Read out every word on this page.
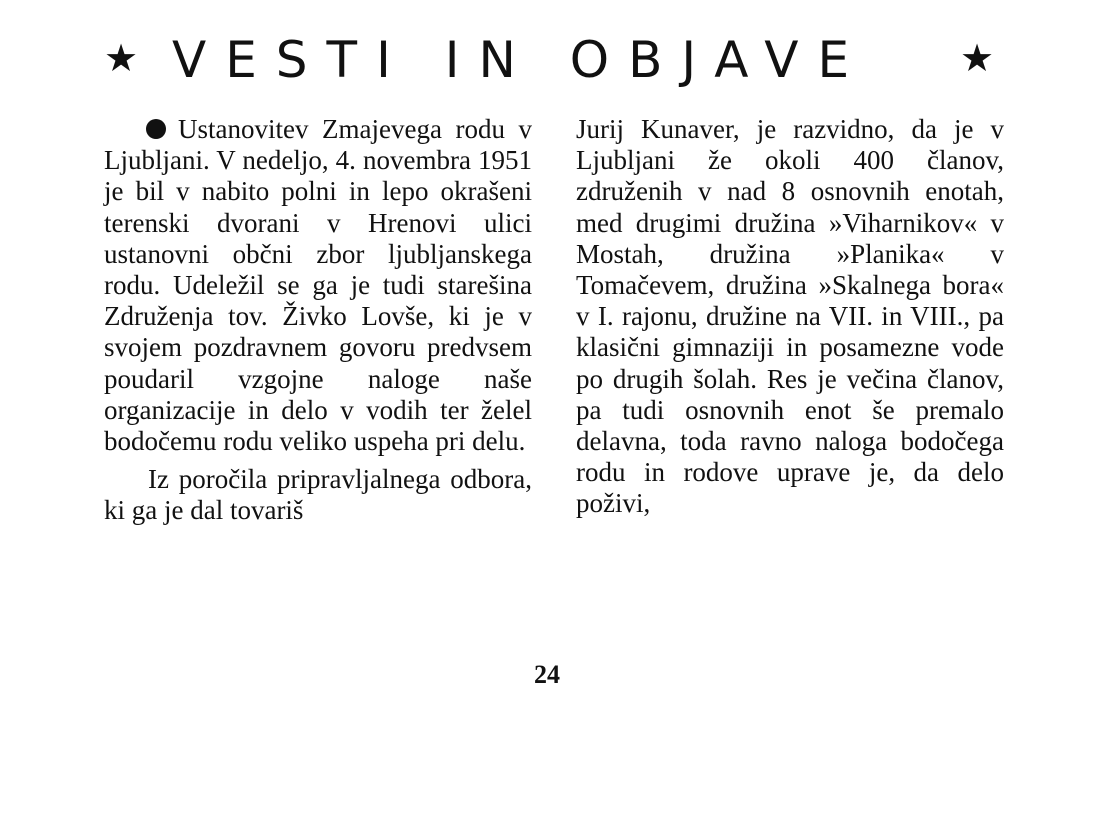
★ VESTI IN OBJAVE	★

Ustanovitev Zmajevega rodu v Ljubljani. V nedeljo, 4. novembra 1951 je bil v nabito polni in lepo okrašeni terenski dvorani v Hrenovi ulici ustanovni občni zbor ljubljanskega rodu. Udeležil se ga je tudi starešina Združenja tov. Živko Lovše, ki je v svojem pozdravnem govoru predvsem poudaril vzgojne naloge naše organizacije in delo v vodih ter želel bodočemu rodu veliko uspeha pri delu.

Iz poročila pripravljalnega odbora, ki ga je dal tovariš

Jurij Kunaver, je razvidno, da je v Ljubljani že okoli 400 članov, združenih v nad 8 osnovnih enotah, med drugimi družina »Viharnikov« v Mostah, družina »Planika« v Tomačevem, družina »Skalnega bora« v I. rajonu, družine na VII. in VIII., pa klasični gimnaziji in posamezne vode po drugih šolah. Res je večina članov, pa tudi osnovnih enot še premalo delavna, toda ravno naloga bodočega rodu in rodove uprave je, da delo poživi,

24
